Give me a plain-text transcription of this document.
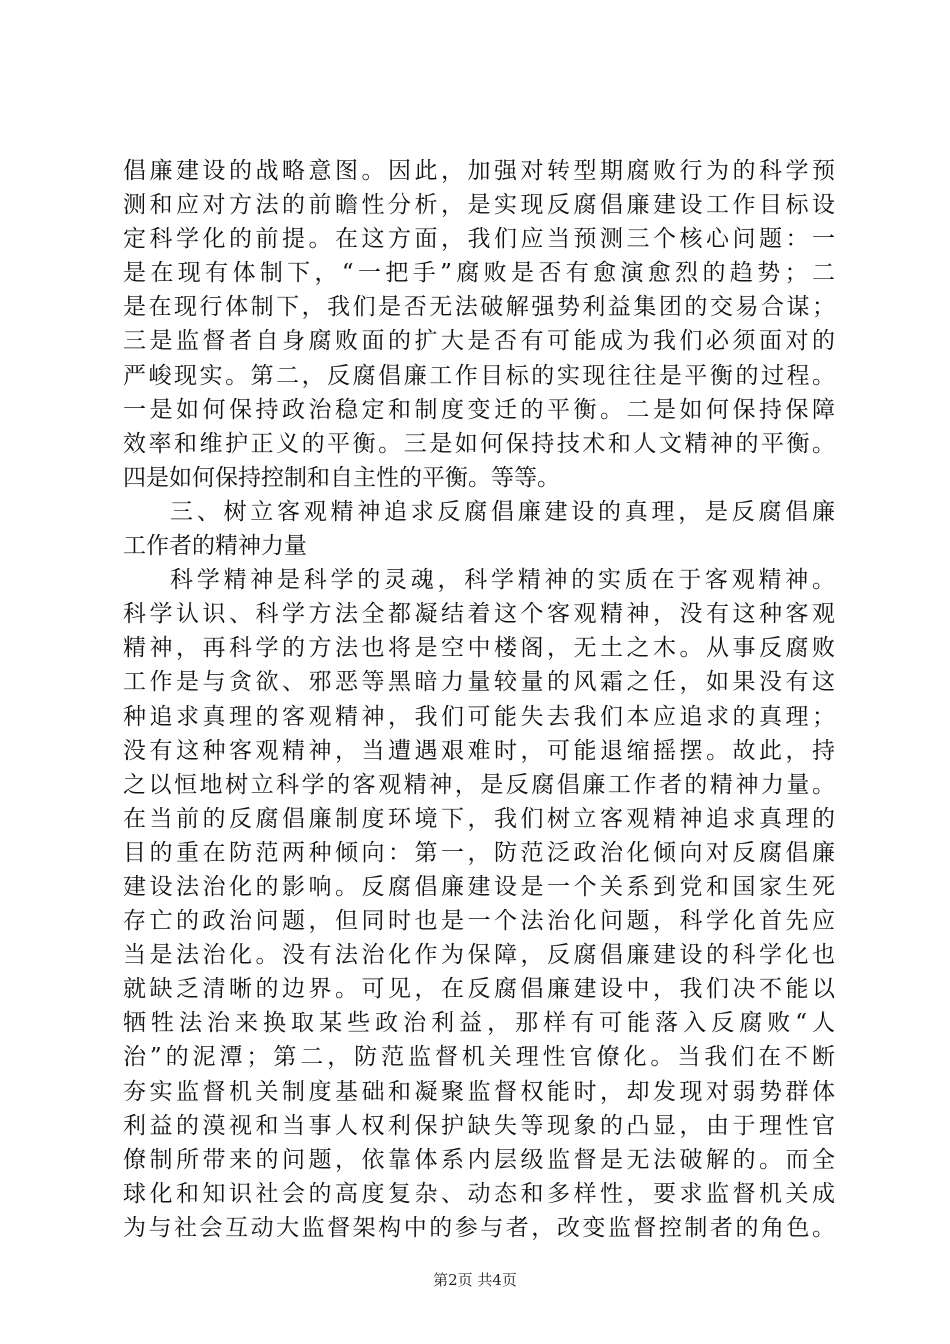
倡廉建设的战略意图。因此，加强对转型期腐败行为的科学预
测和应对方法的前瞻性分析，是实现反腐倡廉建设工作目标设
定科学化的前提。在这方面，我们应当预测三个核心问题：一
是在现有体制下，“一把手”腐败是否有愈演愈烈的趋势；二
是在现行体制下，我们是否无法破解强势利益集团的交易合谋；
三是监督者自身腐败面的扩大是否有可能成为我们必须面对的
严峻现实。第二，反腐倡廉工作目标的实现往往是平衡的过程。
一是如何保持政治稳定和制度变迁的平衡。二是如何保持保障
效率和维护正义的平衡。三是如何保持技术和人文精神的平衡。
四是如何保持控制和自主性的平衡。等等。
三、树立客观精神追求反腐倡廉建设的真理，是反腐倡廉
工作者的精神力量
科学精神是科学的灵魂，科学精神的实质在于客观精神。
科学认识、科学方法全都凝结着这个客观精神，没有这种客观
精神，再科学的方法也将是空中楼阁，无土之木。从事反腐败
工作是与贪欲、邪恶等黑暗力量较量的风霜之任，如果没有这
种追求真理的客观精神，我们可能失去我们本应追求的真理；
没有这种客观精神，当遭遇艰难时，可能退缩摇摆。故此，持
之以恒地树立科学的客观精神，是反腐倡廉工作者的精神力量。
在当前的反腐倡廉制度环境下，我们树立客观精神追求真理的
目的重在防范两种倾向：第一，防范泛政治化倾向对反腐倡廉
建设法治化的影响。反腐倡廉建设是一个关系到党和国家生死
存亡的政治问题，但同时也是一个法治化问题，科学化首先应
当是法治化。没有法治化作为保障，反腐倡廉建设的科学化也
就缺乏清晰的边界。可见，在反腐倡廉建设中，我们决不能以
牺牲法治来换取某些政治利益，那样有可能落入反腐败“人
治”的泥潭；第二，防范监督机关理性官僚化。当我们在不断
夯实监督机关制度基础和凝聚监督权能时，却发现对弱势群体
利益的漠视和当事人权利保护缺失等现象的凸显，由于理性官
僚制所带来的问题，依靠体系内层级监督是无法破解的。而全
球化和知识社会的高度复杂、动态和多样性，要求监督机关成
为与社会互动大监督架构中的参与者，改变监督控制者的角色。
第2页 共4页
